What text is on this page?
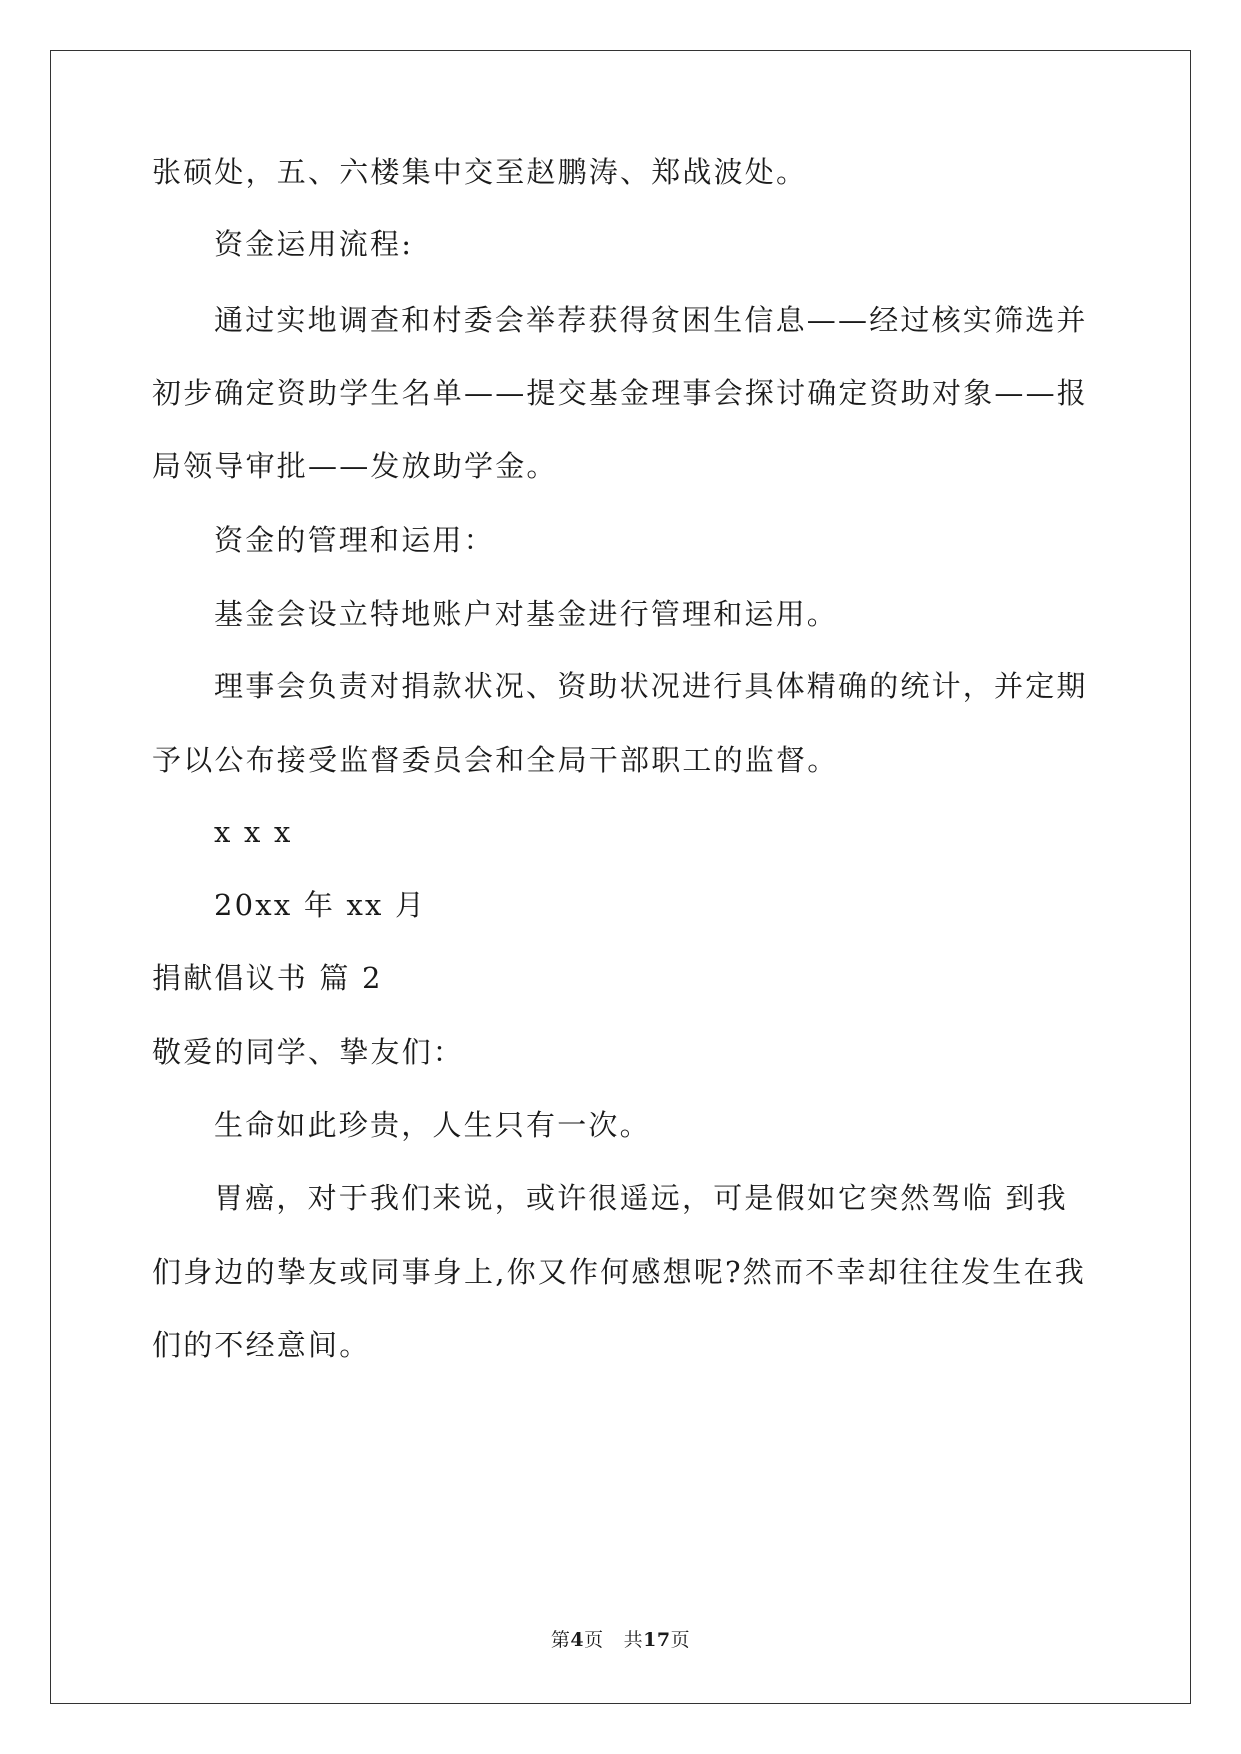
张硕处，五、六楼集中交至赵鹏涛、郑战波处。
资金运用流程:
通过实地调查和村委会举荐获得贫困生信息——经过核实筛选并
初步确定资助学生名单——提交基金理事会探讨确定资助对象——报
局领导审批——发放助学金。
资金的管理和运用：
基金会设立特地账户对基金进行管理和运用。
理事会负责对捐款状况、资助状况进行具体精确的统计，并定期
予以公布接受监督委员会和全局干部职工的监督。
x x x
20xx 年 xx 月
捐献倡议书 篇 2
敬爱的同学、挚友们：
生命如此珍贵，人生只有一次。
胃癌，对于我们来说，或许很遥远，可是假如它突然驾临 到我
们身边的挚友或同事身上,你又作何感想呢?然而不幸却往往发生在我
们的不经意间。
第4页 共17页
